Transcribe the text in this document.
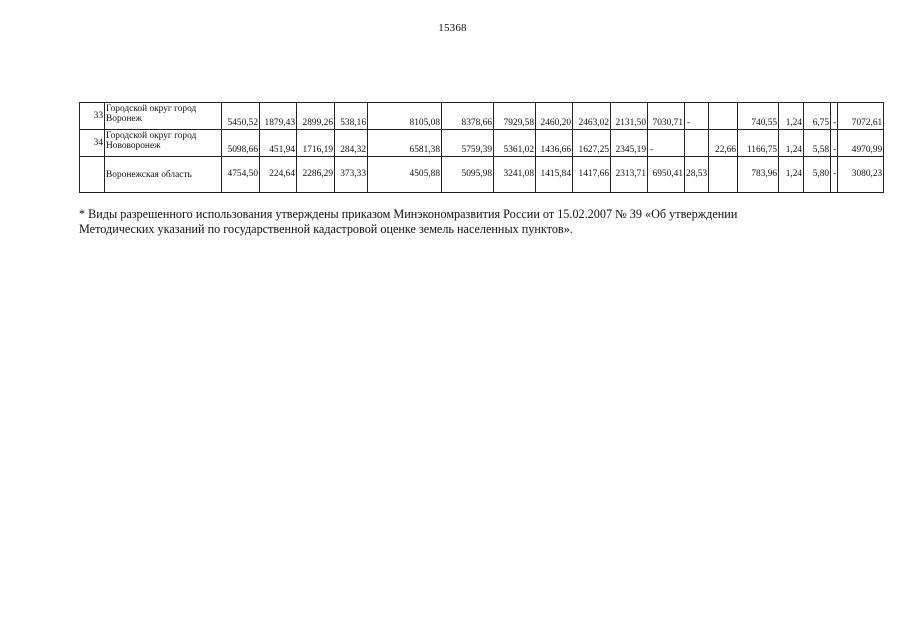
15368
33	Городской округ город
Воронеж	5450,52	1879,43	2899,26	538,16	8105,08	8378,66	7929,58	2460,20	2463,02	2131,50	7030,71	-		740,55	1,24	6,75	-	7072,61
34	Городской округ город
Нововоронеж	5098,66	451,94	1716,19	284,32	6581,38	5759,39	5361,02	1436,66	1627,25	2345,19	-		22,66	1166,75	1,24	5,58	-	4970,99

	Воронежская область	4754,50	224,64	2286,29	373,33	4505,88	5095,98	3241,08	1415,84	1417,66	2313,71	6950,41	28,53		783,96	1,24	5,80	-	3080,23
* Виды разрешенного использования утверждены приказом Минэкономразвития России от 15.02.2007 № 39 «Об утверждении
Методических указаний по государственной кадастровой оценке земель населенных пунктов».
